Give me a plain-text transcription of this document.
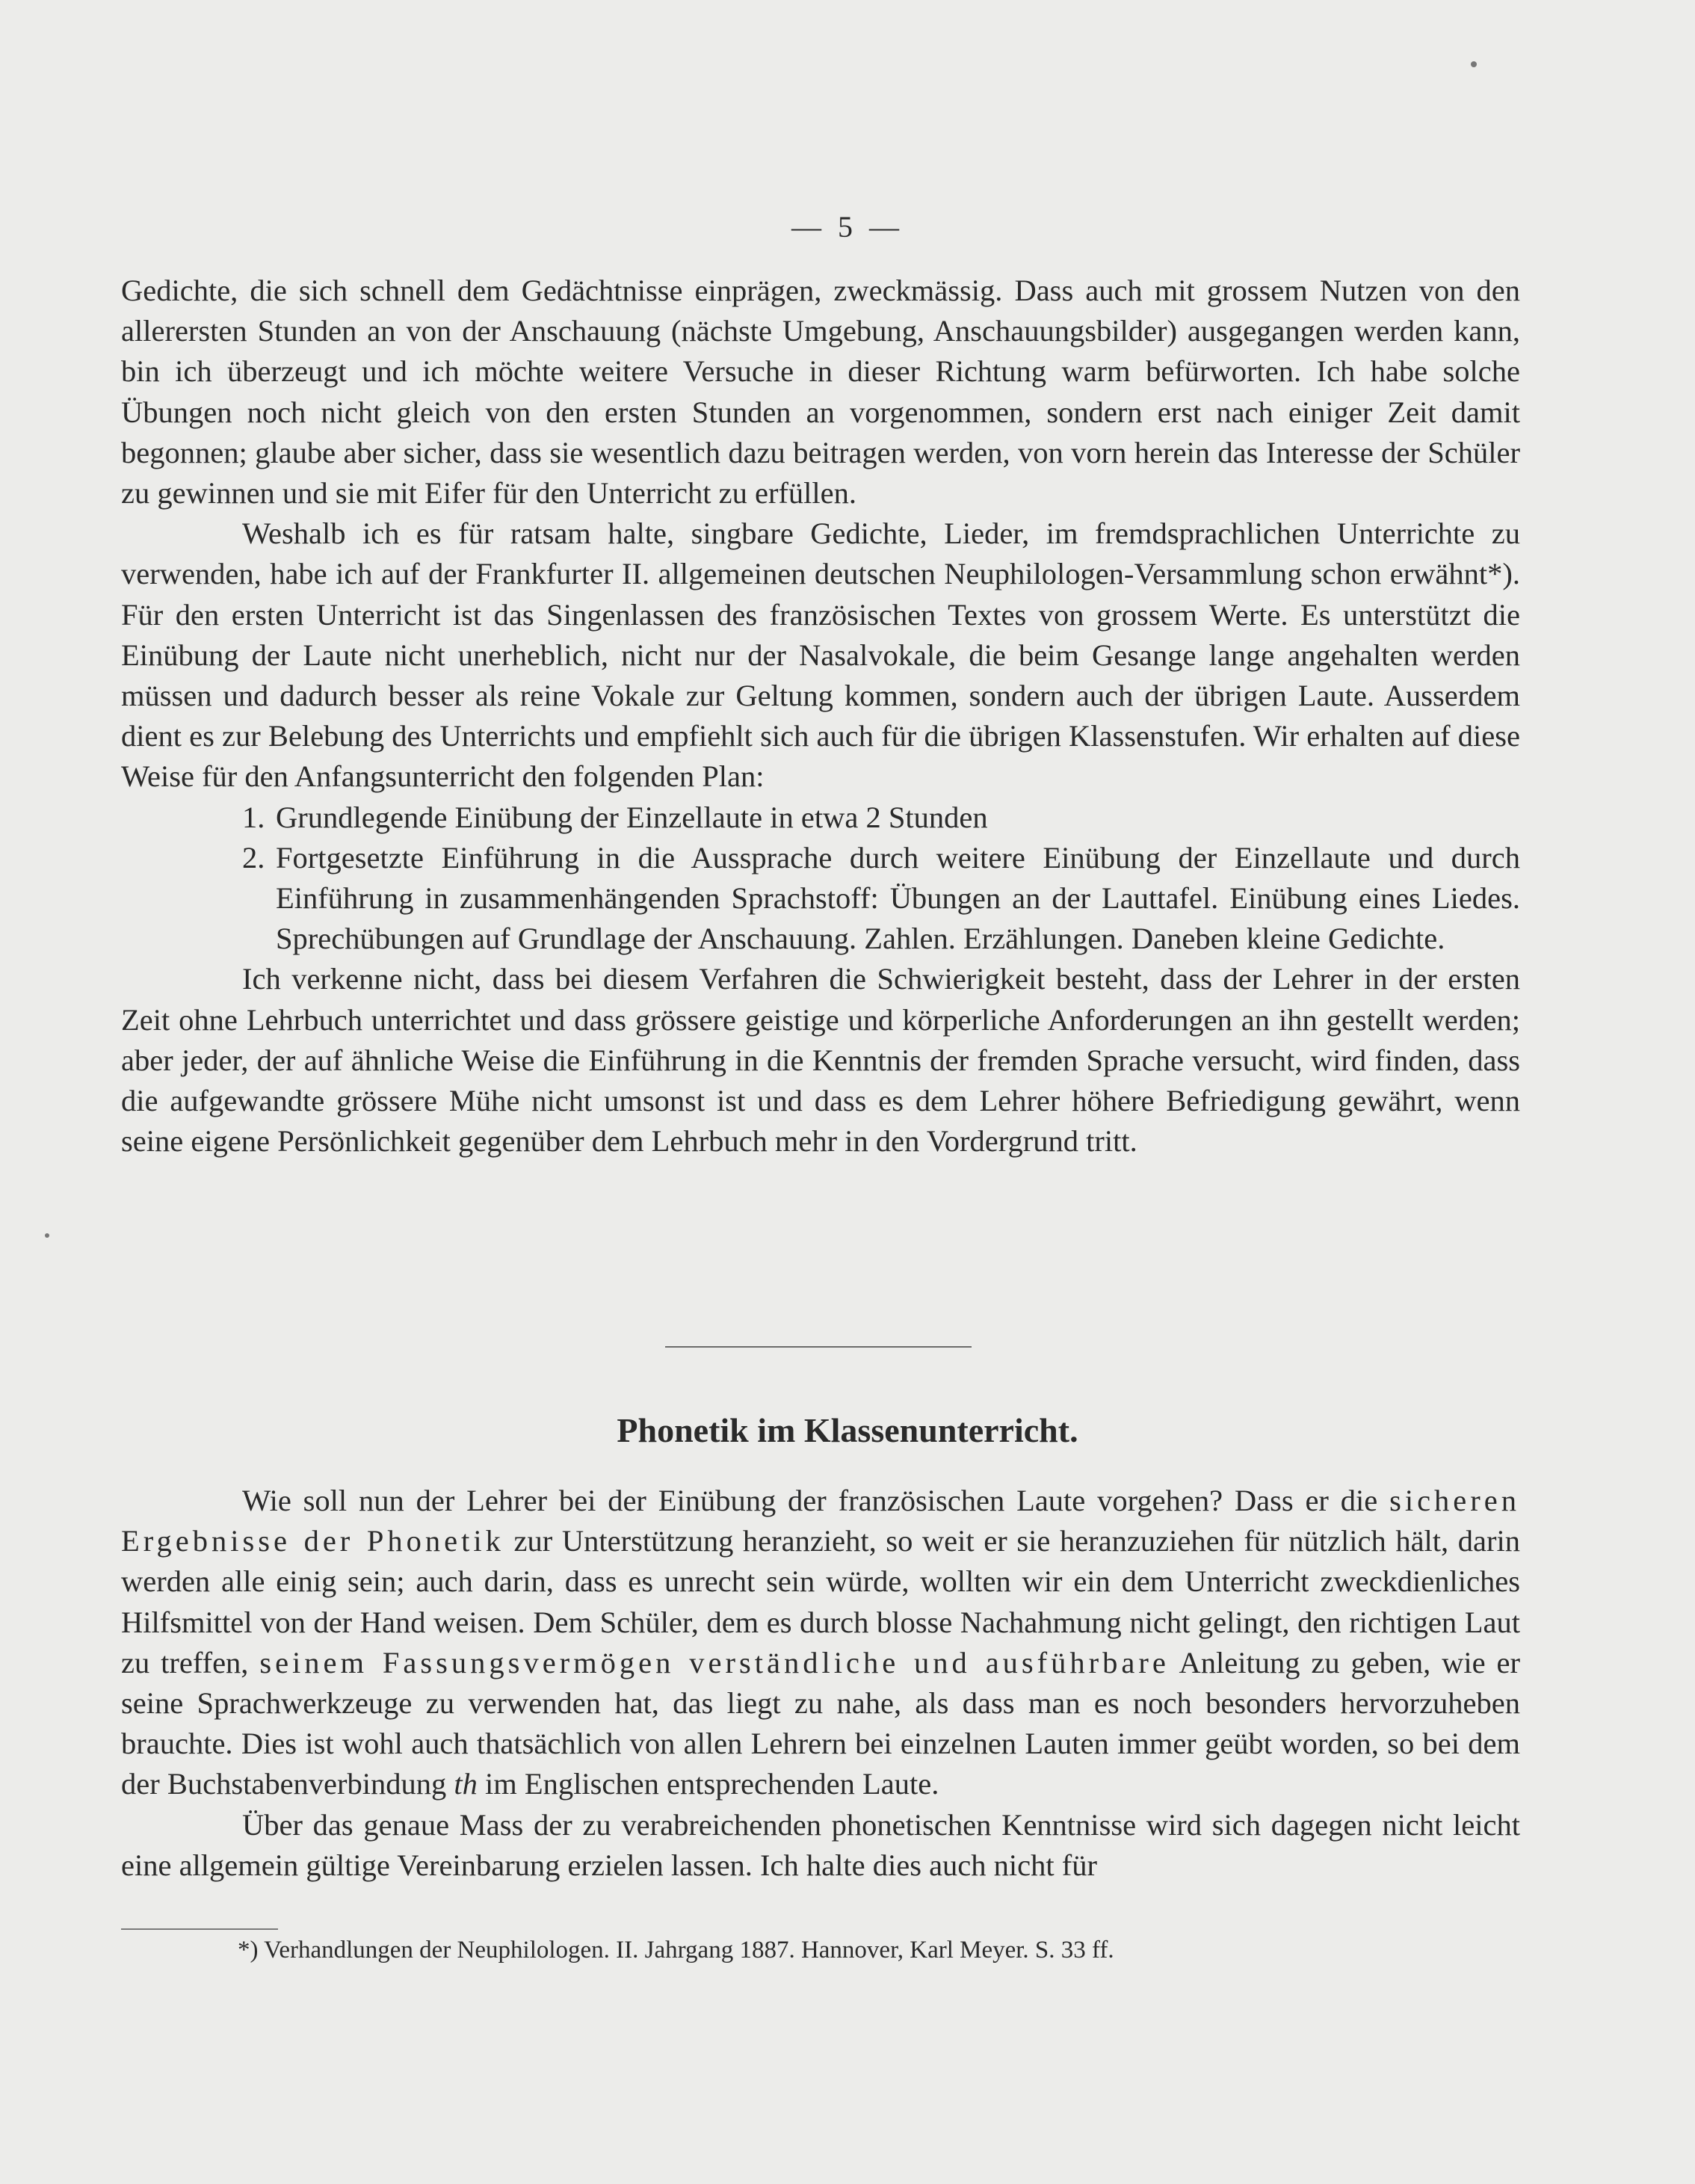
— 5 —

Gedichte, die sich schnell dem Gedächtnisse einprägen, zweckmässig. Dass auch mit grossem Nutzen von den allerersten Stunden an von der Anschauung (nächste Umgebung, Anschauungsbilder) ausgegangen werden kann, bin ich überzeugt und ich möchte weitere Versuche in dieser Richtung warm befürworten. Ich habe solche Übungen noch nicht gleich von den ersten Stunden an vorgenommen, sondern erst nach einiger Zeit damit begonnen; glaube aber sicher, dass sie wesentlich dazu beitragen werden, von vorn herein das Interesse der Schüler zu gewinnen und sie mit Eifer für den Unterricht zu erfüllen.

Weshalb ich es für ratsam halte, singbare Gedichte, Lieder, im fremdsprachlichen Unterrichte zu verwenden, habe ich auf der Frankfurter II. allgemeinen deutschen Neuphilologen-Versammlung schon erwähnt*). Für den ersten Unterricht ist das Singenlassen des französischen Textes von grossem Werte. Es unterstützt die Einübung der Laute nicht unerheblich, nicht nur der Nasalvokale, die beim Gesange lange angehalten werden müssen und dadurch besser als reine Vokale zur Geltung kommen, sondern auch der übrigen Laute. Ausserdem dient es zur Belebung des Unterrichts und empfiehlt sich auch für die übrigen Klassenstufen. Wir erhalten auf diese Weise für den Anfangsunterricht den folgenden Plan:

1. Grundlegende Einübung der Einzellaute in etwa 2 Stunden
2. Fortgesetzte Einführung in die Aussprache durch weitere Einübung der Einzellaute und durch Einführung in zusammenhängenden Sprachstoff: Übungen an der Lauttafel. Einübung eines Liedes. Sprechübungen auf Grundlage der Anschauung. Zahlen. Erzählungen. Daneben kleine Gedichte.

Ich verkenne nicht, dass bei diesem Verfahren die Schwierigkeit besteht, dass der Lehrer in der ersten Zeit ohne Lehrbuch unterrichtet und dass grössere geistige und körperliche Anforderungen an ihn gestellt werden; aber jeder, der auf ähnliche Weise die Einführung in die Kenntnis der fremden Sprache versucht, wird finden, dass die aufgewandte grössere Mühe nicht umsonst ist und dass es dem Lehrer höhere Befriedigung gewährt, wenn seine eigene Persönlichkeit gegenüber dem Lehrbuch mehr in den Vordergrund tritt.

Phonetik im Klassenunterricht.

Wie soll nun der Lehrer bei der Einübung der französischen Laute vorgehen? Dass er die sicheren Ergebnisse der Phonetik zur Unterstützung heranzieht, so weit er sie heranzuziehen für nützlich hält, darin werden alle einig sein; auch darin, dass es unrecht sein würde, wollten wir ein dem Unterricht zweckdienliches Hilfsmittel von der Hand weisen. Dem Schüler, dem es durch blosse Nachahmung nicht gelingt, den richtigen Laut zu treffen, seinem Fassungsvermögen verständliche und ausführbare Anleitung zu geben, wie er seine Sprachwerkzeuge zu verwenden hat, das liegt zu nahe, als dass man es noch besonders hervorzuheben brauchte. Dies ist wohl auch thatsächlich von allen Lehrern bei einzelnen Lauten immer geübt worden, so bei dem der Buchstabenverbindung th im Englischen entsprechenden Laute.

Über das genaue Mass der zu verabreichenden phonetischen Kenntnisse wird sich dagegen nicht leicht eine allgemein gültige Vereinbarung erzielen lassen. Ich halte dies auch nicht für

*) Verhandlungen der Neuphilologen. II. Jahrgang 1887. Hannover, Karl Meyer. S. 33 ff.
